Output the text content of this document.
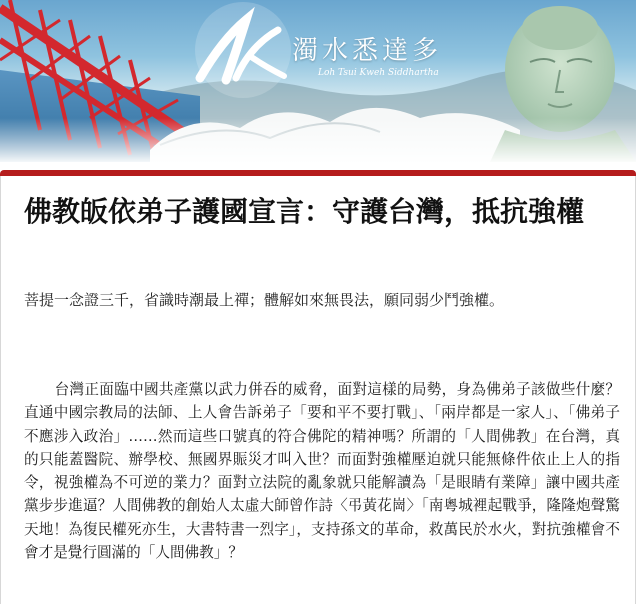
濁水悉達多
Loh Tsui Kweh Siddhartha
佛教皈依弟子護國宣言：守護台灣，抵抗強權

菩提一念證三千，省識時潮最上禪；體解如來無畏法，願同弱少鬥強權。

台灣正面臨中國共產黨以武力併吞的威脅，面對這樣的局勢，身為佛弟子該做些什麼？直通中國宗教局的法師、上人會告訴弟子「要和平不要打戰」、「兩岸都是一家人」、「佛弟子不應涉入政治」……然而這些口號真的符合佛陀的精神嗎？所謂的「人間佛教」在台灣，真的只能蓋醫院、辦學校、無國界賑災才叫入世？而面對強權壓迫就只能無條件依止上人的指令，視強權為不可逆的業力？面對立法院的亂象就只能解讀為「是眼睛有業障」讓中國共產黨步步進逼？人間佛教的創始人太虛大師曾作詩〈弔黃花崗〉「南粵城裡起戰爭，隆隆炮聲驚天地！為復民權死亦生，大書特書一烈字」，支持孫文的革命，救萬民於水火，對抗強權會不會才是覺行圓滿的「人間佛教」？
